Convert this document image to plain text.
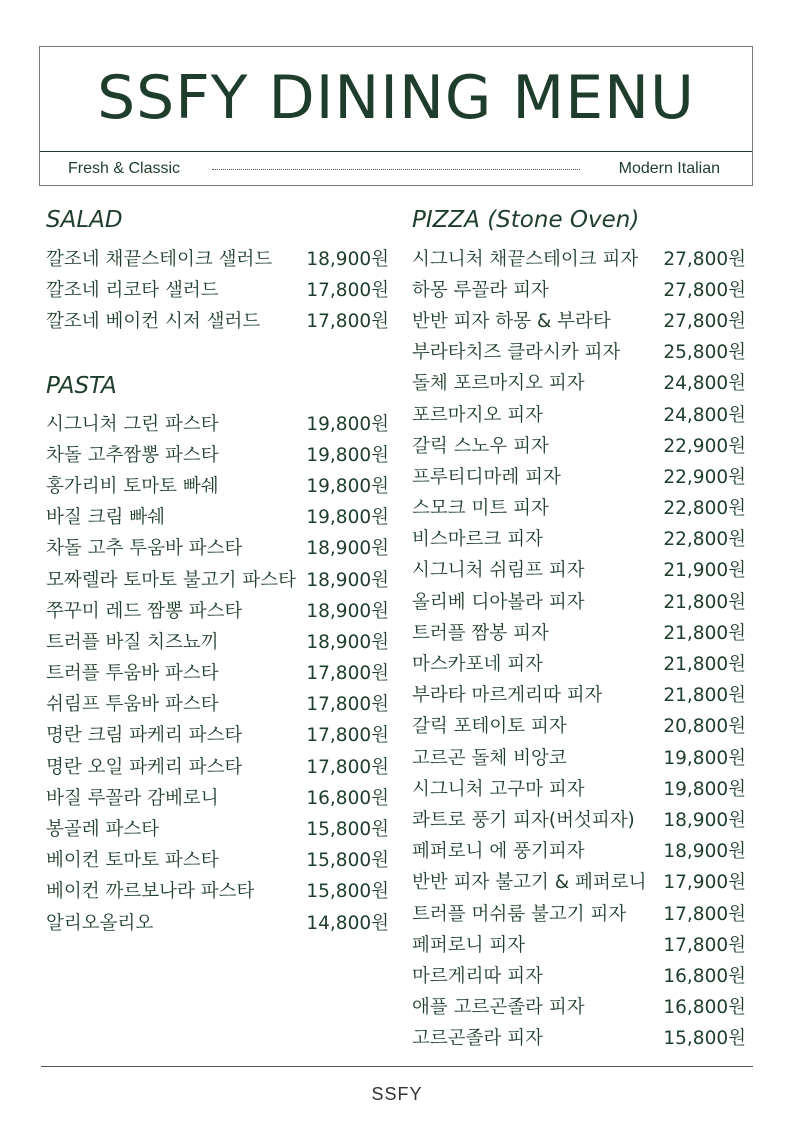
SSFY DINING MENU
Fresh & Classic	Modern Italian
SALAD
깔조네 채끝스테이크 샐러드 18,900원
깔조네 리코타 샐러드	17,800원
깔조네 베이컨 시저 샐러드 17,800원
PASTA
시그니처 그린 파스타	19,800원
차돌 고추짬뽕 파스타	19,800원
홍가리비 토마토 빠쉐	19,800원
바질 크림 빠쉐	19,800원
차돌 고추 투움바 파스타	18,900원
모짜렐라 토마토 불고기 파스타 18,900원
쭈꾸미 레드 짬뽕 파스타	18,900원
트러플 바질 치즈뇨끼	18,900원
트러플 투움바 파스타	17,800원
쉬림프 투움바 파스타	17,800원
명란 크림 파케리 파스타	17,800원
명란 오일 파케리 파스타	17,800원
바질 루꼴라 감베로니	16,800원
봉골레 파스타	15,800원
베이컨 토마토 파스타	15,800원
베이컨 까르보나라 파스타	15,800원
알리오올리오	14,800원
PIZZA (Stone Oven)
시그니처 채끝스테이크 피자 27,800원
하몽 루꼴라 피자	27,800원
반반 피자 하몽 & 부라타	27,800원
부라타치즈 클라시카 피자 25,800원
돌체 포르마지오 피자	24,800원
포르마지오 피자	24,800원
갈릭 스노우 피자	22,900원
프루티디마레 피자	22,900원
스모크 미트 피자	22,800원
비스마르크 피자	22,800원
시그니처 쉬림프 피자	21,900원
올리베 디아볼라 피자	21,800원
트러플 짬봉 피자	21,800원
마스카포네 피자	21,800원
부라타 마르게리따 피자	21,800원
갈릭 포테이토 피자	20,800원
고르곤 돌체 비앙코	19,800원
시그니처 고구마 피자	19,800원
콰트로 풍기 피자(버섯피자) 18,900원
페퍼로니 에 풍기피자	18,900원
반반 피자 불고기 & 페퍼로니 17,900원
트러플 머쉬룸 불고기 피자 17,800원
페퍼로니 피자	17,800원
마르게리따 피자	16,800원
애플 고르곤졸라 피자	16,800원
고르곤졸라 피자	15,800원
SSFY
